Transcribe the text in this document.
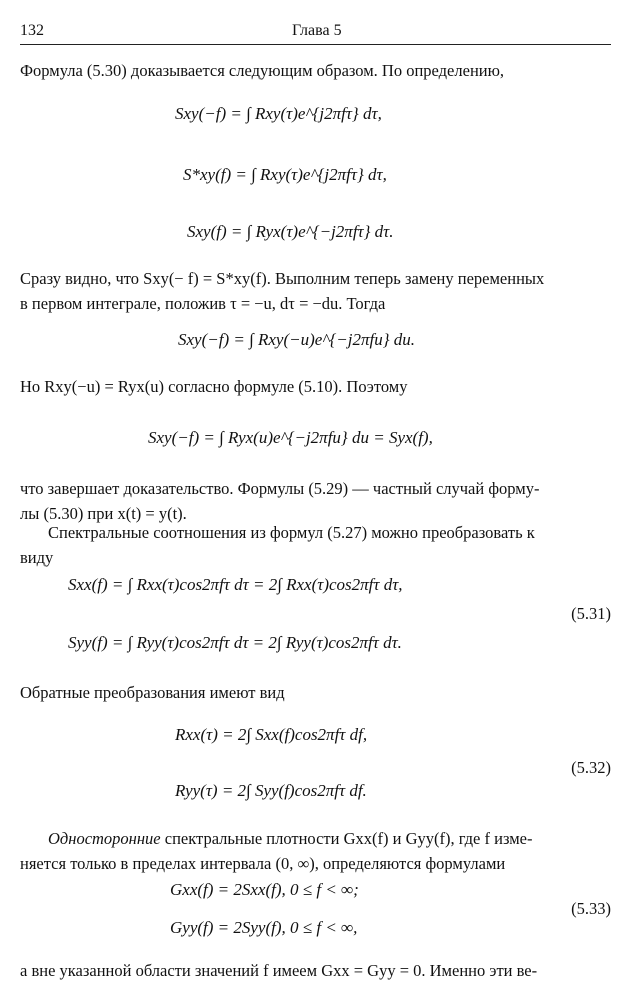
132	Глава 5
Формула (5.30) доказывается следующим образом. По определению,
Sxy(−f) = ∫ Rxy(τ)e^{j2πfτ} dτ,
S*xy(f) = ∫ Rxy(τ)e^{j2πfτ} dτ,
Sxy(f) = ∫ Ryx(τ)e^{−j2πfτ} dτ.
Сразу видно, что Sxy(− f) = S*xy(f). Выполним теперь замену переменных
в первом интеграле, положив τ = −u, dτ = −du. Тогда
Sxy(−f) = ∫ Rxy(−u)e^{−j2πfu} du.
Но Rxy(−u) = Ryx(u) согласно формуле (5.10). Поэтому
Sxy(−f) = ∫ Ryx(u)e^{−j2πfu} du = Syx(f),
что завершает доказательство. Формулы (5.29) — частный случай форму-
лы (5.30) при x(t) = y(t).
Спектральные соотношения из формул (5.27) можно преобразовать к
виду
Sxx(f) = ∫ Rxx(τ)cos2πfτ dτ = 2∫ Rxx(τ)cos2πfτ dτ,
Syy(f) = ∫ Ryy(τ)cos2πfτ dτ = 2∫ Ryy(τ)cos2πfτ dτ.
(5.31)
Обратные преобразования имеют вид
Rxx(τ) = 2∫ Sxx(f)cos2πfτ df,
Ryy(τ) = 2∫ Syy(f)cos2πfτ df.
(5.32)
Односторонние спектральные плотности Gxx(f) и Gyy(f), где f изме-
няется только в пределах интервала (0, ∞), определяются формулами
Gxx(f) = 2Sxx(f), 0 ≤ f < ∞;
Gyy(f) = 2Syy(f), 0 ≤ f < ∞,
(5.33)
а вне указанной области значений f имеем Gxx = Gyy = 0. Именно эти ве-
